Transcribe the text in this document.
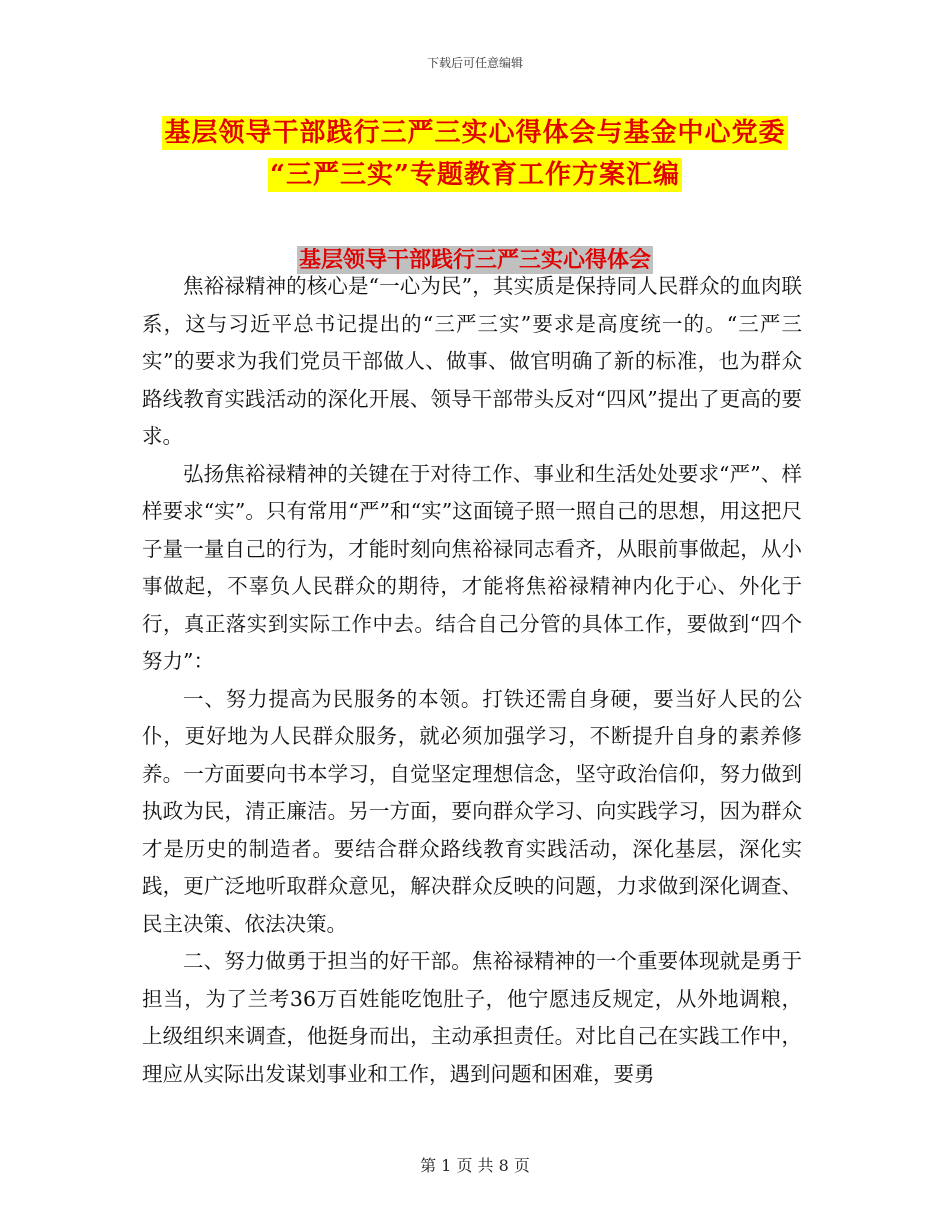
下载后可任意编辑
基层领导干部践行三严三实心得体会与基金中心党委
“三严三实”专题教育工作方案汇编
基层领导干部践行三严三实心得体会

焦裕禄精神的核心是“一心为民”，其实质是保持同人民群众的血肉联系，这与习近平总书记提出的“三严三实”要求是高度统一的。“三严三实”的要求为我们党员干部做人、做事、做官明确了新的标准，也为群众路线教育实践活动的深化开展、领导干部带头反对“四风”提出了更高的要求。

弘扬焦裕禄精神的关键在于对待工作、事业和生活处处要求“严”、样样要求“实”。只有常用“严”和“实”这面镜子照一照自己的思想，用这把尺子量一量自己的行为，才能时刻向焦裕禄同志看齐，从眼前事做起，从小事做起，不辜负人民群众的期待，才能将焦裕禄精神内化于心、外化于行，真正落实到实际工作中去。结合自己分管的具体工作，要做到“四个努力”：

一、努力提高为民服务的本领。打铁还需自身硬，要当好人民的公仆，更好地为人民群众服务，就必须加强学习，不断提升自身的素养修养。一方面要向书本学习，自觉坚定理想信念，坚守政治信仰，努力做到执政为民，清正廉洁。另一方面，要向群众学习、向实践学习，因为群众才是历史的制造者。要结合群众路线教育实践活动，深化基层，深化实践，更广泛地听取群众意见，解决群众反映的问题，力求做到深化调查、民主决策、依法决策。

二、努力做勇于担当的好干部。焦裕禄精神的一个重要体现就是勇于担当，为了兰考36万百姓能吃饱肚子，他宁愿违反规定，从外地调粮，上级组织来调查，他挺身而出，主动承担责任。对比自己在实践工作中，理应从实际出发谋划事业和工作，遇到问题和困难，要勇

第 1 页 共 8 页
